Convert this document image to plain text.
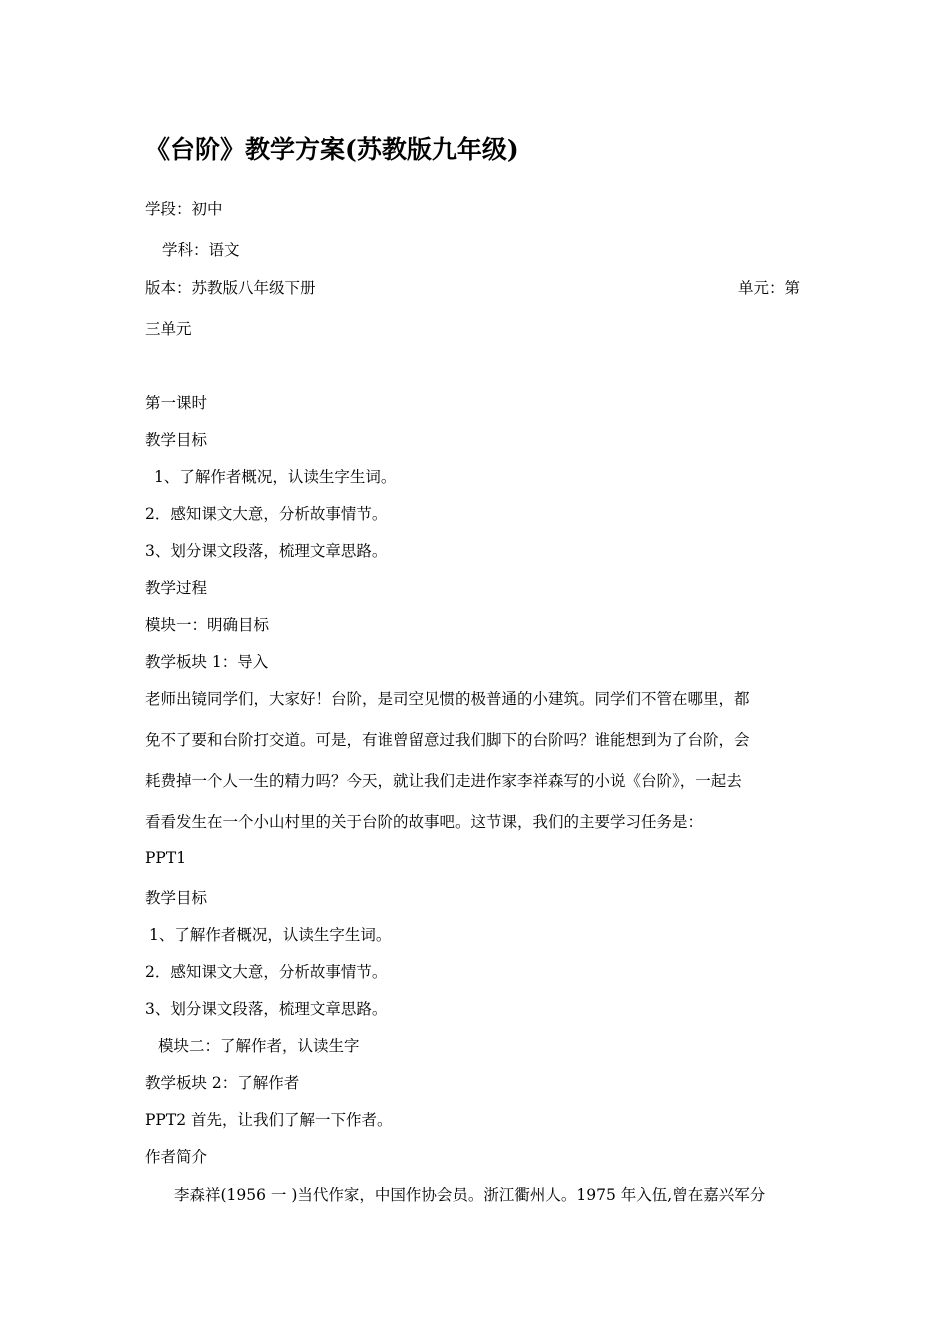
《台阶》教学方案(苏教版九年级)
学段：初中
学科：语文
版本：苏教版八年级下册	单元：第
三单元
第一课时
教学目标
1、了解作者概况，认读生字生词。
2．感知课文大意，分析故事情节。
3、划分课文段落，梳理文章思路。
教学过程
模块一：明确目标
教学板块 1：导入
老师出镜同学们，大家好！台阶，是司空见惯的极普通的小建筑。同学们不管在哪里，都
免不了要和台阶打交道。可是，有谁曾留意过我们脚下的台阶吗？谁能想到为了台阶，会
耗费掉一个人一生的精力吗？今天，就让我们走进作家李祥森写的小说《台阶》，一起去
看看发生在一个小山村里的关于台阶的故事吧。这节课，我们的主要学习任务是：
PPT1
教学目标
1、了解作者概况，认读生字生词。
2．感知课文大意，分析故事情节。
3、划分课文段落，梳理文章思路。
模块二：了解作者，认读生字
教学板块 2：了解作者
PPT2 首先，让我们了解一下作者。
作者简介
李森祥(1956 一 )当代作家，中国作协会员。浙江衢州人。1975 年入伍,曾在嘉兴军分
